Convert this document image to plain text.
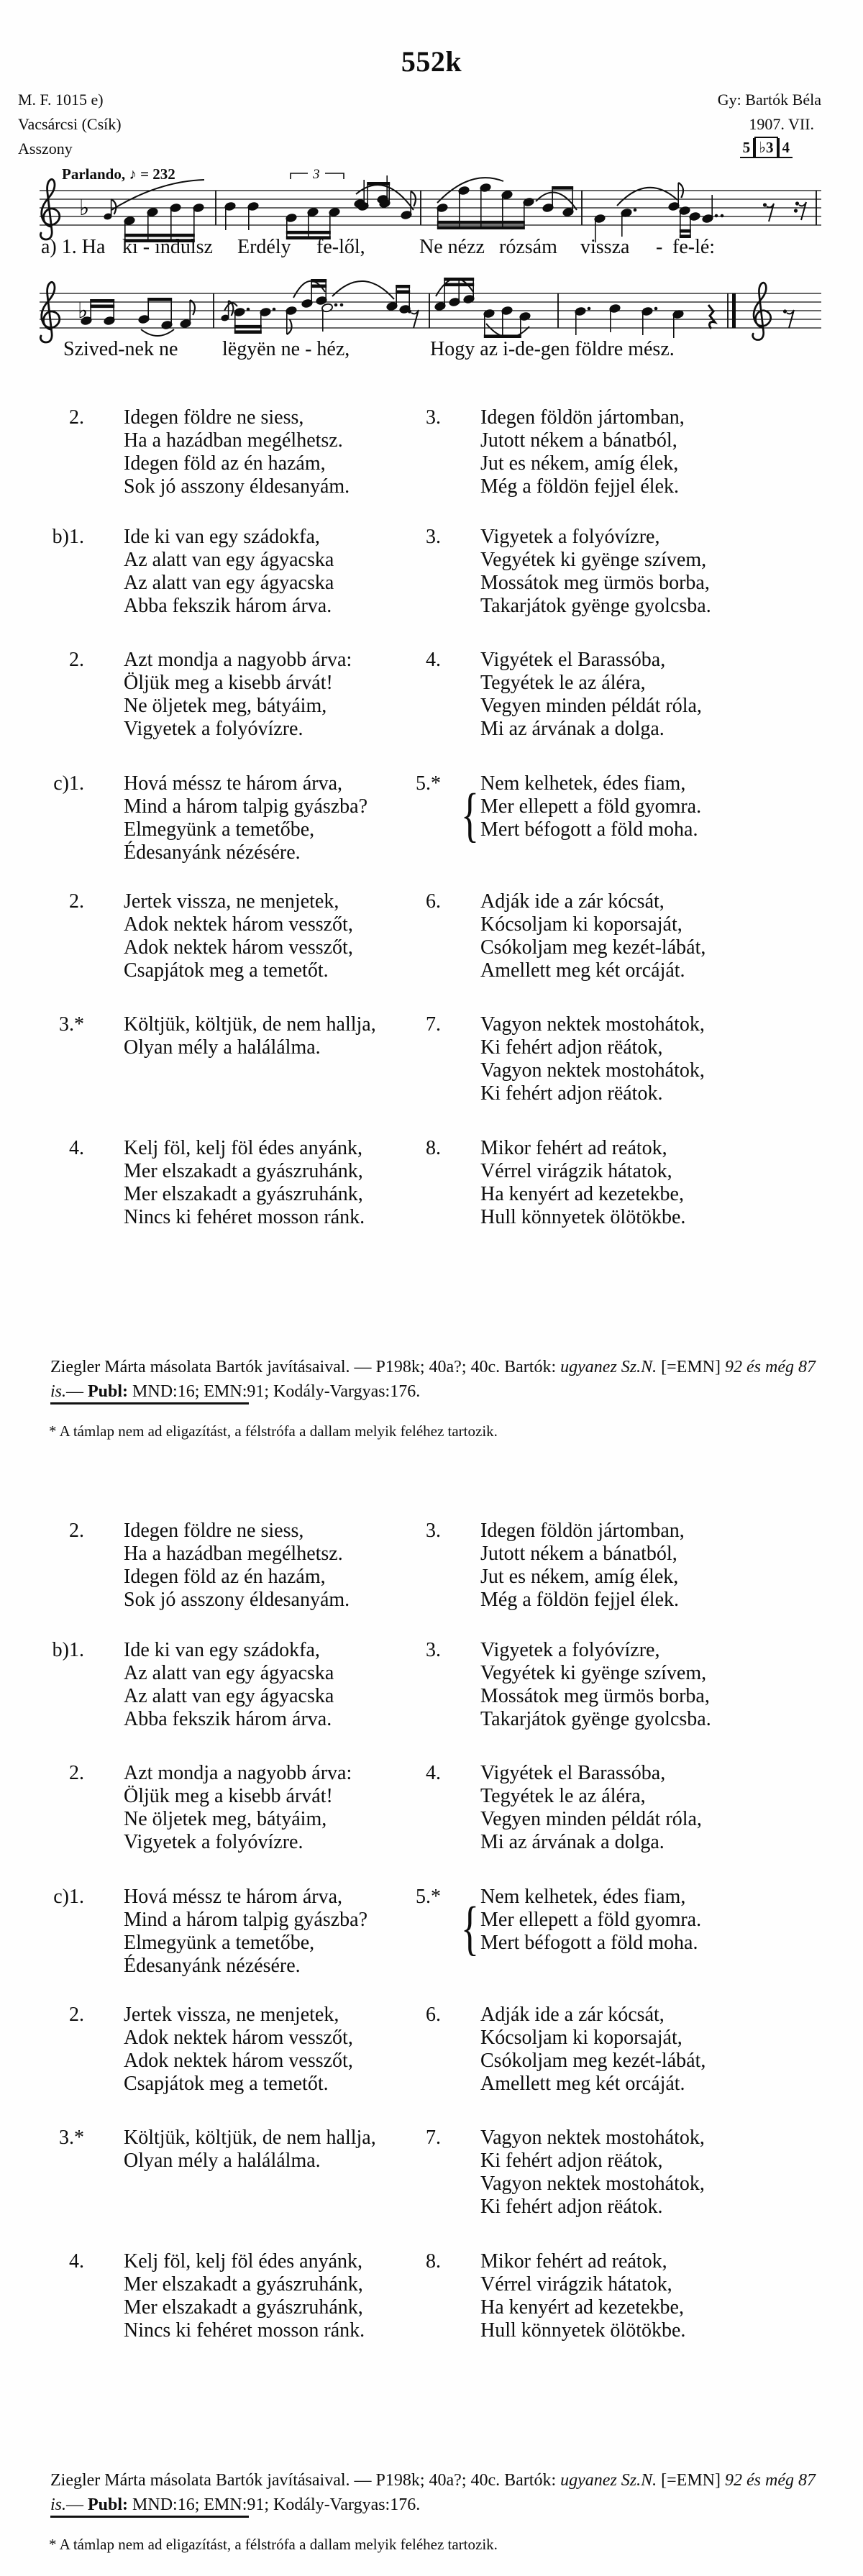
552k
M. F. 1015 e)
Vacsárcsi (Csík)
Asszony
Gy: Bartók Béla
1907. VII.
5 ♭3 4
Parlando, ♪ = 232
♭
♭
3
a) 1. Ha ki - indulsz Erdély fe-lől,	Ne nézz rózsám vissza - fe-lé:
Szived-nek ne lëgyën ne - héz,	Hogy az i-de-gen földre mész.
2. Idegen földre ne siess,
Ha a hazádban megélhetsz.
Idegen föld az én hazám,
Sok jó asszony éldesanyám.
b)1. Ide ki van egy szádokfa,
Az alatt van egy ágyacska
Az alatt van egy ágyacska
Abba fekszik három árva.
2. Azt mondja a nagyobb árva:
Öljük meg a kisebb árvát!
Ne öljetek meg, bátyáim,
Vigyetek a folyóvízre.
c)1. Hová méssz te három árva,
Mind a három talpig gyászba?
Elmegyünk a temetőbe,
Édesanyánk nézésére.
2. Jertek vissza, ne menjetek,
Adok nektek három vesszőt,
Adok nektek három vesszőt,
Csapjátok meg a temetőt.
3.* Költjük, költjük, de nem hallja,
Olyan mély a halálálma.
4. Kelj föl, kelj föl édes anyánk,
Mer elszakadt a gyászruhánk,
Mer elszakadt a gyászruhánk,
Nincs ki fehéret mosson ránk.
3. Idegen földön jártomban,
Jutott nékem a bánatból,
Jut es nékem, amíg élek,
Még a földön fejjel élek.
3. Vigyetek a folyóvízre,
Vegyétek ki gyënge szívem,
Mossátok meg ürmös borba,
Takarjátok gyënge gyolcsba.
4. Vigyétek el Barassóba,
Tegyétek le az áléra,
Vegyen minden példát róla,
Mi az árvának a dolga.
5.* Nem kelhetek, édes fiam,
Mer ellepett a föld gyomra.
Mert béfogott a föld moha.
{
6. Adják ide a zár kócsát,
Kócsoljam ki koporsaját,
Csókoljam meg kezét-lábát,
Amellett meg két orcáját.
7. Vagyon nektek mostohátok,
Ki fehért adjon rëátok,
Vagyon nektek mostohátok,
Ki fehért adjon rëátok.
8. Mikor fehért ad reátok,
Vérrel virágzik hátatok,
Ha kenyért ad kezetekbe,
Hull könnyetek ölötökbe.
2. Idegen földre ne siess,
Ha a hazádban megélhetsz.
Idegen föld az én hazám,
Sok jó asszony éldesanyám.
b)1. Ide ki van egy szádokfa,
Az alatt van egy ágyacska
Az alatt van egy ágyacska
Abba fekszik három árva.
2. Azt mondja a nagyobb árva:
Öljük meg a kisebb árvát!
Ne öljetek meg, bátyáim,
Vigyetek a folyóvízre.
c)1. Hová méssz te három árva,
Mind a három talpig gyászba?
Elmegyünk a temetőbe,
Édesanyánk nézésére.
2. Jertek vissza, ne menjetek,
Adok nektek három vesszőt,
Adok nektek három vesszőt,
Csapjátok meg a temetőt.
3.* Költjük, költjük, de nem hallja,
Olyan mély a halálálma.
4. Kelj föl, kelj föl édes anyánk,
Mer elszakadt a gyászruhánk,
Mer elszakadt a gyászruhánk,
Nincs ki fehéret mosson ránk.
3. Idegen földön jártomban,
Jutott nékem a bánatból,
Jut es nékem, amíg élek,
Még a földön fejjel élek.
3. Vigyetek a folyóvízre,
Vegyétek ki gyënge szívem,
Mossátok meg ürmös borba,
Takarjátok gyënge gyolcsba.
4. Vigyétek el Barassóba,
Tegyétek le az áléra,
Vegyen minden példát róla,
Mi az árvának a dolga.
5.* Nem kelhetek, édes fiam,
Mer ellepett a föld gyomra.
Mert béfogott a föld moha.
{
6. Adják ide a zár kócsát,
Kócsoljam ki koporsaját,
Csókoljam meg kezét-lábát,
Amellett meg két orcáját.
7. Vagyon nektek mostohátok,
Ki fehért adjon rëátok,
Vagyon nektek mostohátok,
Ki fehért adjon rëátok.
8. Mikor fehért ad reátok,
Vérrel virágzik hátatok,
Ha kenyért ad kezetekbe,
Hull könnyetek ölötökbe.
Ziegler Márta másolata Bartók javításaival. — P198k; 40a?; 40c. Bartók: ugyanez Sz.N. [=EMN] 92 és még 87
is.— Publ: MND:16; EMN:91; Kodály-Vargyas:176.
* A támlap nem ad eligazítást, a félstrófa a dallam melyik feléhez tartozik.
Ziegler Márta másolata Bartók javításaival. — P198k; 40a?; 40c. Bartók: ugyanez Sz.N. [=EMN] 92 és még 87
is.— Publ: MND:16; EMN:91; Kodály-Vargyas:176.
* A támlap nem ad eligazítást, a félstrófa a dallam melyik feléhez tartozik.
